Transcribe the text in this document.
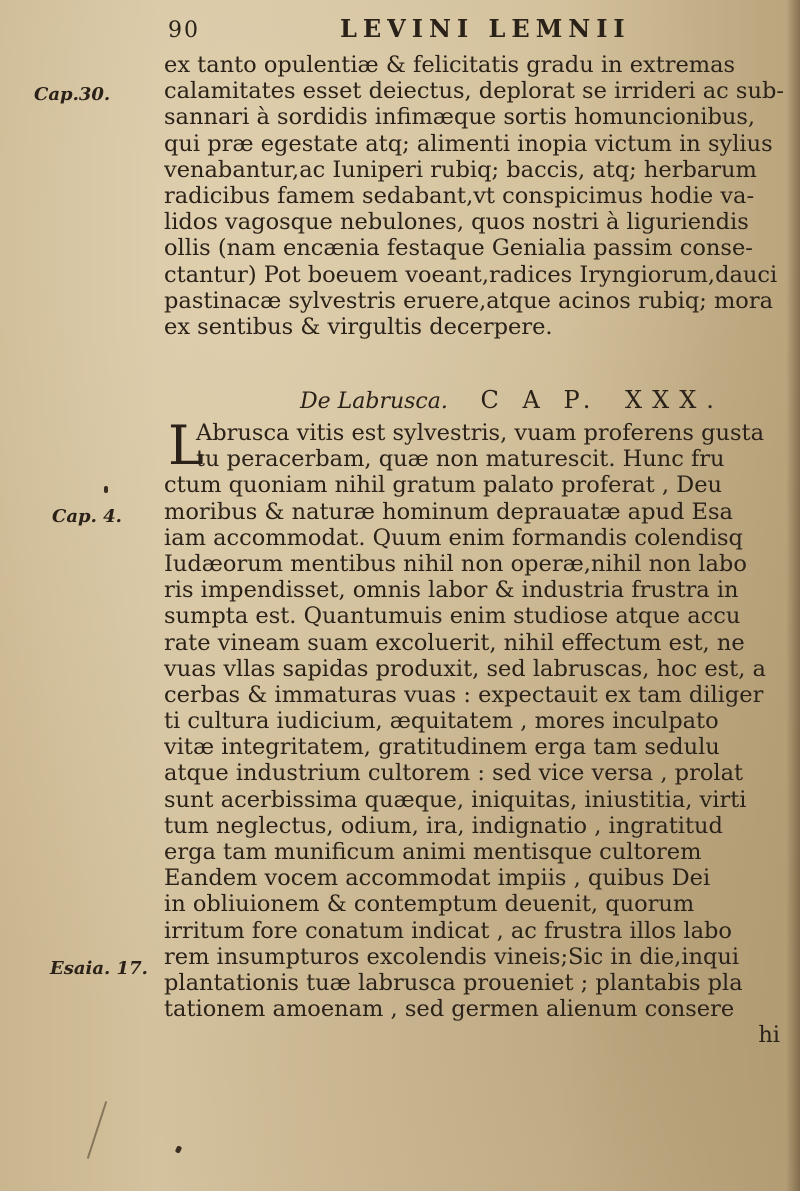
90	LEVINI LEMNII
Cap.30.
Cap. 4.
Esaia. 17.
ex tanto opulentiæ & felicitatis gradu in extremas
calamitates esset deiectus, deplorat se irrideri ac sub-
sannari à sordidis infimæque sortis homuncionibus,
qui præ egestate atq; alimenti inopia victum in sylius
venabantur,ac Iuniperi rubiq; baccis, atq; herbarum
radicibus famem sedabant,vt conspicimus hodie va-
lidos vagosque nebulones, quos nostri à liguriendis
ollis (nam encænia festaque Genialia passim conse-
ctantur) Pot boeuem voeant,radices Iryngiorum,dauci
pastinacæ sylvestris eruere,atque acinos rubiq; mora
ex sentibus & virgultis decerpere.
De Labrusca. C A P. XXX.
L
Abrusca vitis est sylvestris, vuam proferens gusta
tu peracerbam, quæ non maturescit. Hunc fru
ctum quoniam nihil gratum palato proferat , Deu
moribus & naturæ hominum deprauatæ apud Esa
iam accommodat. Quum enim formandis colendisq
Iudæorum mentibus nihil non operæ,nihil non labo
ris impendisset, omnis labor & industria frustra in
sumpta est. Quantumuis enim studiose atque accu
rate vineam suam excoluerit, nihil effectum est, ne
vuas vllas sapidas produxit, sed labruscas, hoc est, a
cerbas & immaturas vuas : expectauit ex tam diliger
ti cultura iudicium, æquitatem , mores inculpato
vitæ integritatem, gratitudinem erga tam sedulu
atque industrium cultorem : sed vice versa , prolat
sunt acerbissima quæque, iniquitas, iniustitia, virti
tum neglectus, odium, ira, indignatio , ingratitud
erga tam munificum animi mentisque cultorem
Eandem vocem accommodat impiis , quibus Dei
in obliuionem & contemptum deuenit, quorum
irritum fore conatum indicat , ac frustra illos labo
rem insumpturos excolendis vineis;Sic in die,inqui
plantationis tuæ labrusca proueniet ; plantabis pla
tationem amoenam , sed germen alienum consere
hi
